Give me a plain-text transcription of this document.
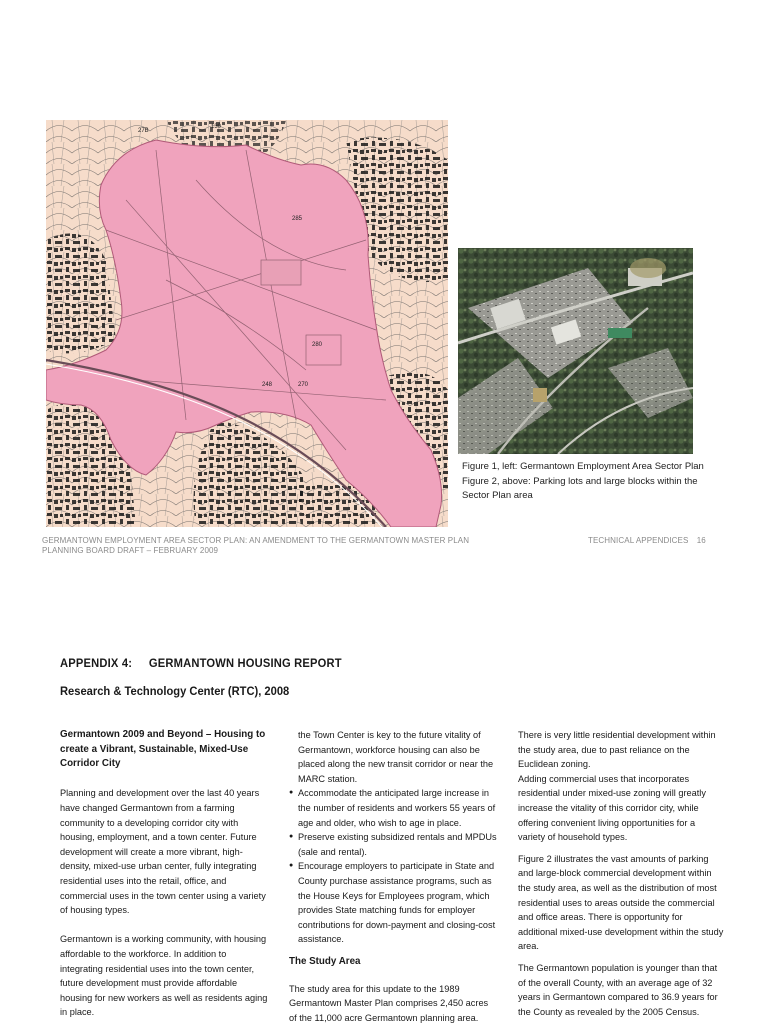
27B
130
285
280
248	270
Figure 1, left: Germantown Employment Area Sector Plan
Figure 2, above: Parking lots and large blocks within the
Sector Plan area
GERMANTOWN EMPLOYMENT AREA SECTOR PLAN: AN AMENDMENT TO THE GERMANTOWN MASTER PLAN
PLANNING BOARD DRAFT – FEBRUARY 2009
TECHNICAL APPENDICES 16
APPENDIX 4: GERMANTOWN HOUSING REPORT
Research & Technology Center (RTC), 2008
Germantown 2009 and Beyond – Housing to
create a Vibrant, Sustainable, Mixed-Use
Corridor City

Planning and development over the last 40 years
have changed Germantown from a farming
community to a developing corridor city with
housing, employment, and a town center. Future
development will create a more vibrant, high-
density, mixed-use urban center, fully integrating
residential uses into the retail, office, and
commercial uses in the town center using a variety
of housing types.

Germantown is a working community, with housing
affordable to the workforce. In addition to
integrating residential uses into the town center,
future development must provide affordable
housing for new workers as well as residents aging
in place.

the Town Center is key to the future vitality of
Germantown, workforce housing can also be
placed along the new transit corridor or near the
MARC station.

● Accommodate the anticipated large increase in
the number of residents and workers 55 years of
age and older, who wish to age in place.
● Preserve existing subsidized rentals and MPDUs
(sale and rental).
● Encourage employers to participate in State and
County purchase assistance programs, such as
the House Keys for Employees program, which
provides State matching funds for employer
contributions for down-payment and closing-cost
assistance.
The Study Area

The study area for this update to the 1989
Germantown Master Plan comprises 2,450 acres
of the 11,000 acre Germantown planning area.

There is very little residential development within
the study area, due to past reliance on the
Euclidean zoning.
Adding commercial uses that incorporates
residential under mixed-use zoning will greatly
increase the vitality of this corridor city, while
offering convenient living opportunities for a
variety of household types.

Figure 2 illustrates the vast amounts of parking
and large-block commercial development within
the study area, as well as the distribution of most
residential uses to areas outside the commercial
and office areas. There is opportunity for
additional mixed-use development within the study
area.

The Germantown population is younger than that
of the overall County, with an average age of 32
years in Germantown compared to 36.9 years for
the County as revealed by the 2005 Census.
